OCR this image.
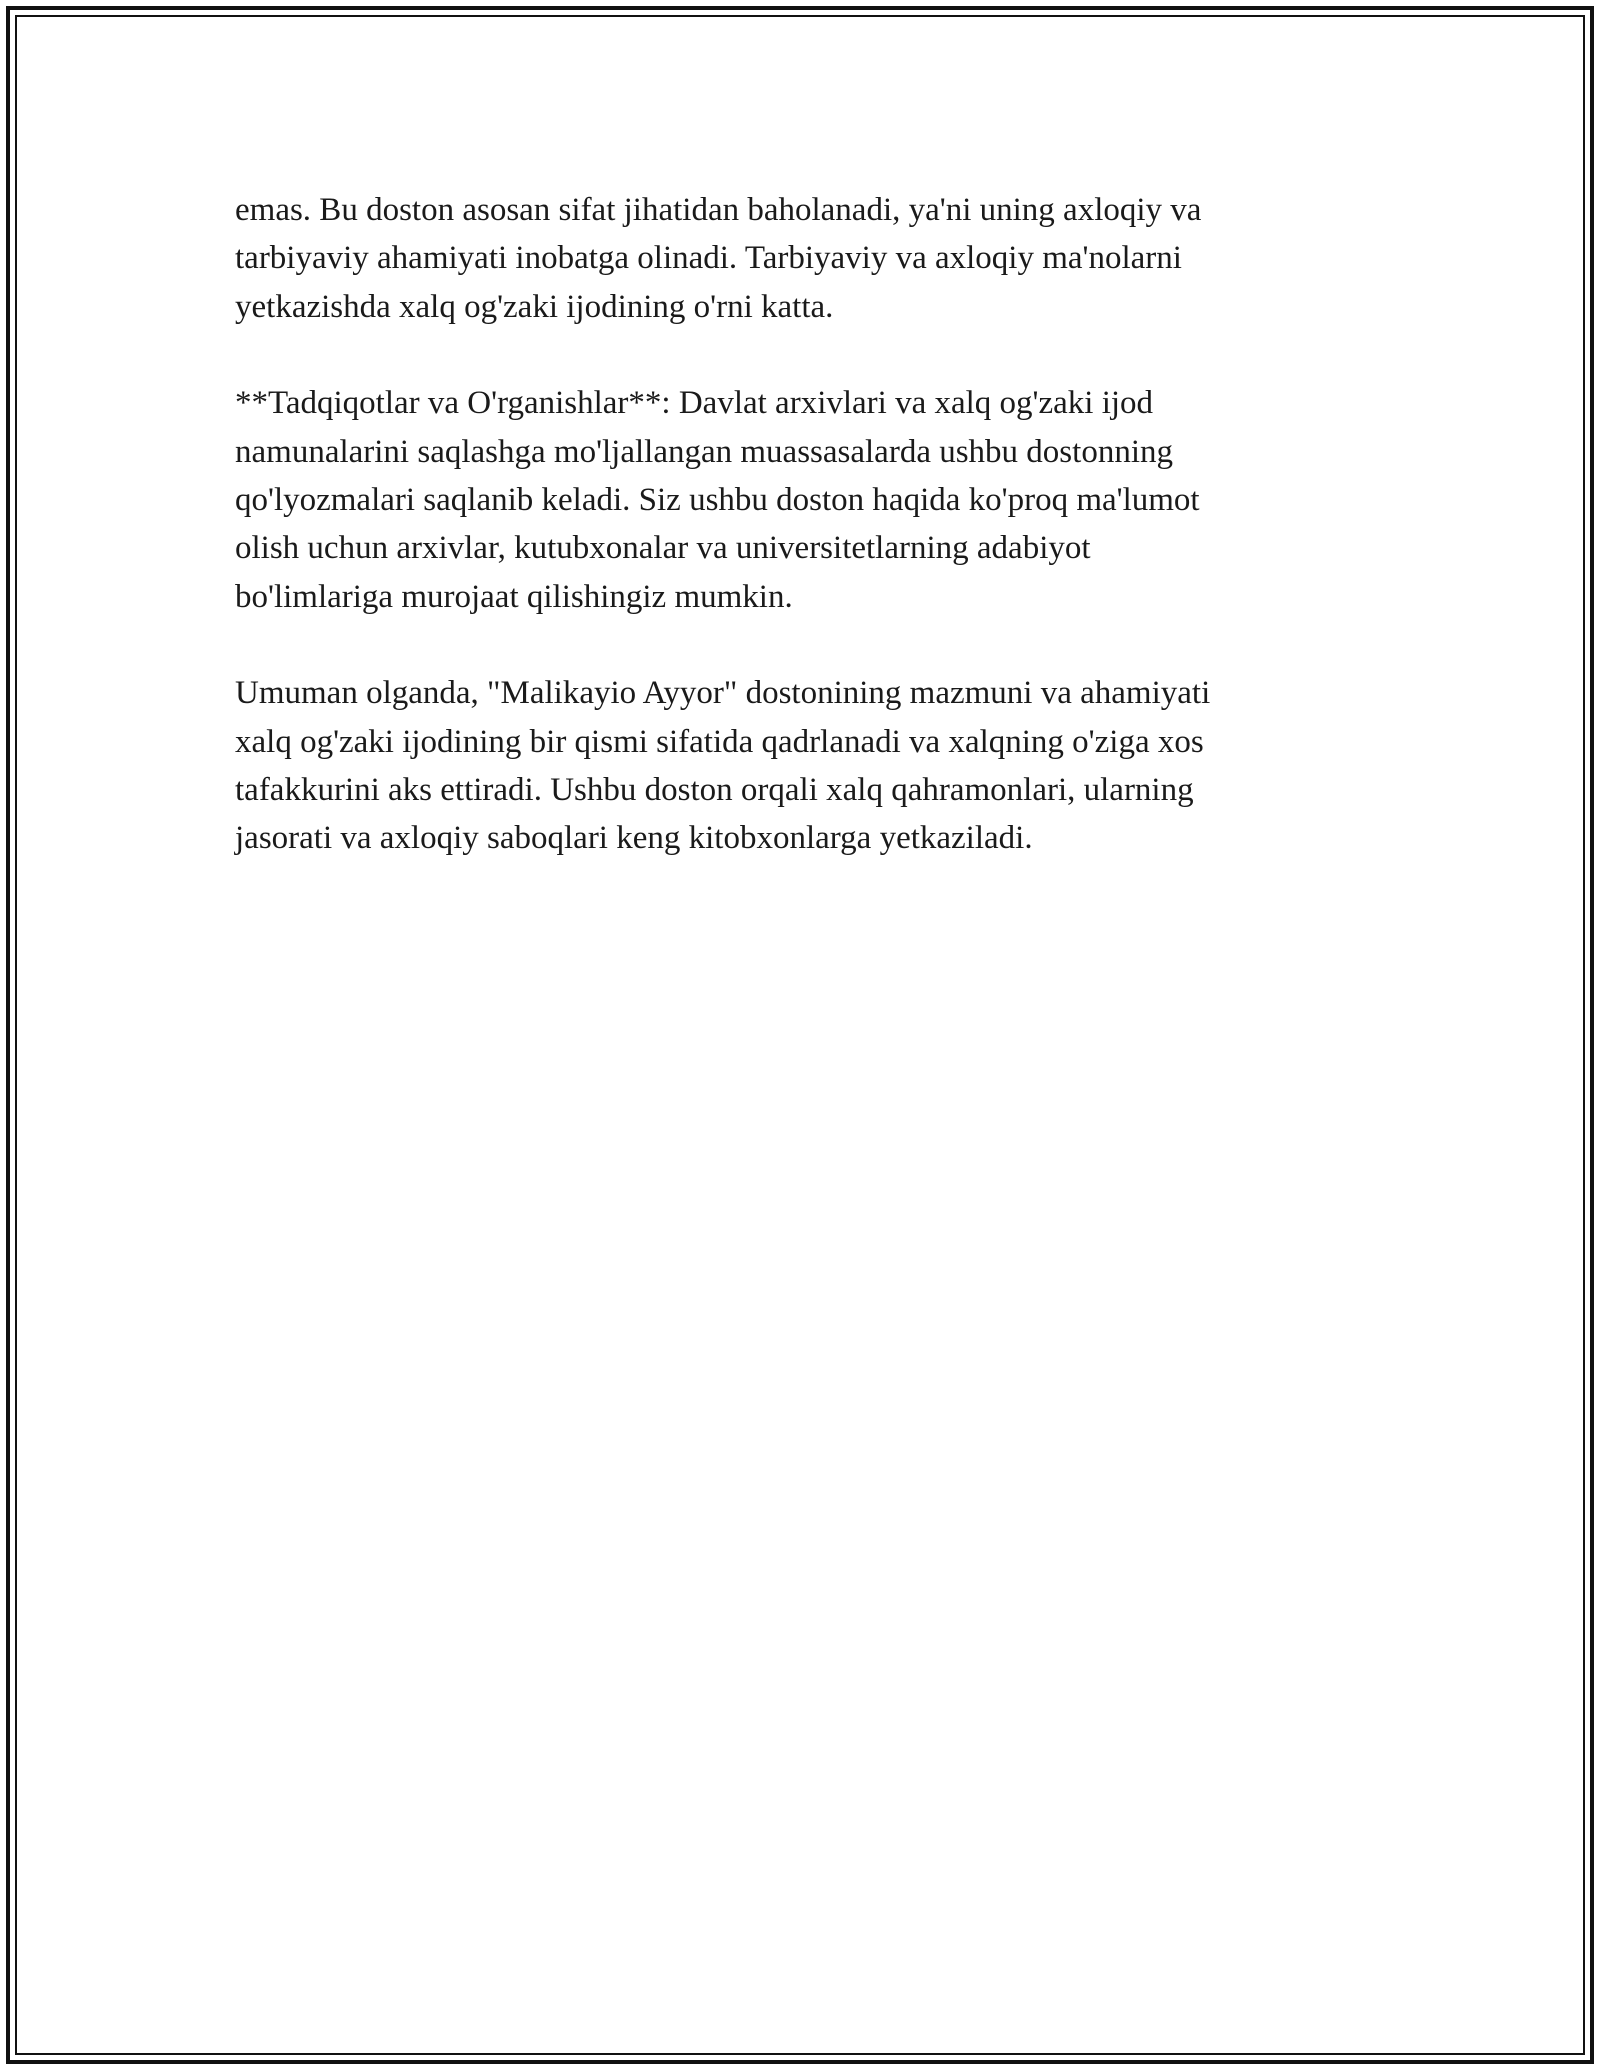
emas. Bu doston asosan sifat jihatidan baholanadi, ya'ni uning axloqiy va
tarbiyaviy ahamiyati inobatga olinadi. Tarbiyaviy va axloqiy ma'nolarni
yetkazishda xalq og'zaki ijodining o'rni katta.

**Tadqiqotlar va O'rganishlar**: Davlat arxivlari va xalq og'zaki ijod
namunalarini saqlashga mo'ljallangan muassasalarda ushbu dostonning
qo'lyozmalari saqlanib keladi. Siz ushbu doston haqida ko'proq ma'lumot
olish uchun arxivlar, kutubxonalar va universitetlarning adabiyot
bo'limlariga murojaat qilishingiz mumkin.

Umuman olganda, "Malikayio Ayyor" dostonining mazmuni va ahamiyati
xalq og'zaki ijodining bir qismi sifatida qadrlanadi va xalqning o'ziga xos
tafakkurini aks ettiradi. Ushbu doston orqali xalq qahramonlari, ularning
jasorati va axloqiy saboqlari keng kitobxonlarga yetkaziladi.
